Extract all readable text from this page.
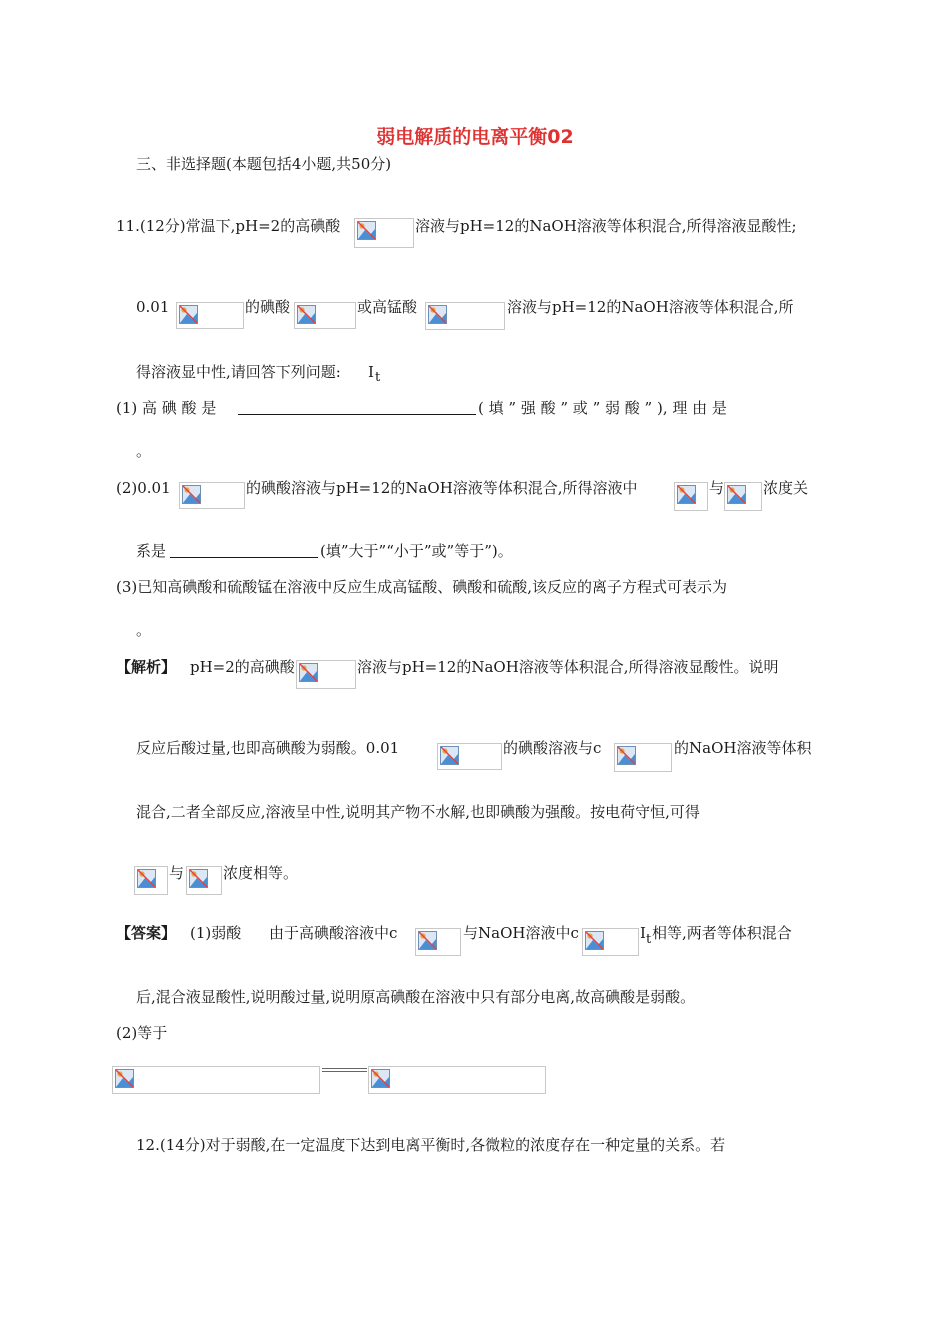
弱电解质的电离平衡02
三、非选择题(本题包括4小题,共50分)
11.(12分)常温下,pH=2的高碘酸	溶液与pH=12的NaOH溶液等体积混合,所得溶液显酸性;
0.01	的碘酸	或高锰酸	溶液与pH=12的NaOH溶液等体积混合,所
得溶液显中性,请回答下列问题: I t
(1) 高 碘 酸 是	( 填 ” 强 酸 ” 或 ” 弱 酸 ” ), 理 由 是
。
(2)0.01	的碘酸溶液与pH=12的NaOH溶液等体积混合,所得溶液中	与	浓度关
系是	(填”大于”“小于”或”等于”)。
(3)已知高碘酸和硫酸锰在溶液中反应生成高锰酸、碘酸和硫酸,该反应的离子方程式可表示为
。
【解析】 pH=2的高碘酸	溶液与pH=12的NaOH溶液等体积混合,所得溶液显酸性。说明
反应后酸过量,也即高碘酸为弱酸。0.01	的碘酸溶液与c	的NaOH溶液等体积
混合,二者全部反应,溶液呈中性,说明其产物不水解,也即碘酸为强酸。按电荷守恒,可得
与	浓度相等。
【答案】 (1)弱酸 由于高碘酸溶液中c	与NaOH溶液中c	I t 相等,两者等体积混合
后,混合液显酸性,说明酸过量,说明原高碘酸在溶液中只有部分电离,故高碘酸是弱酸。
(2)等于
12.(14分)对于弱酸,在一定温度下达到电离平衡时,各微粒的浓度存在一种定量的关系。若
